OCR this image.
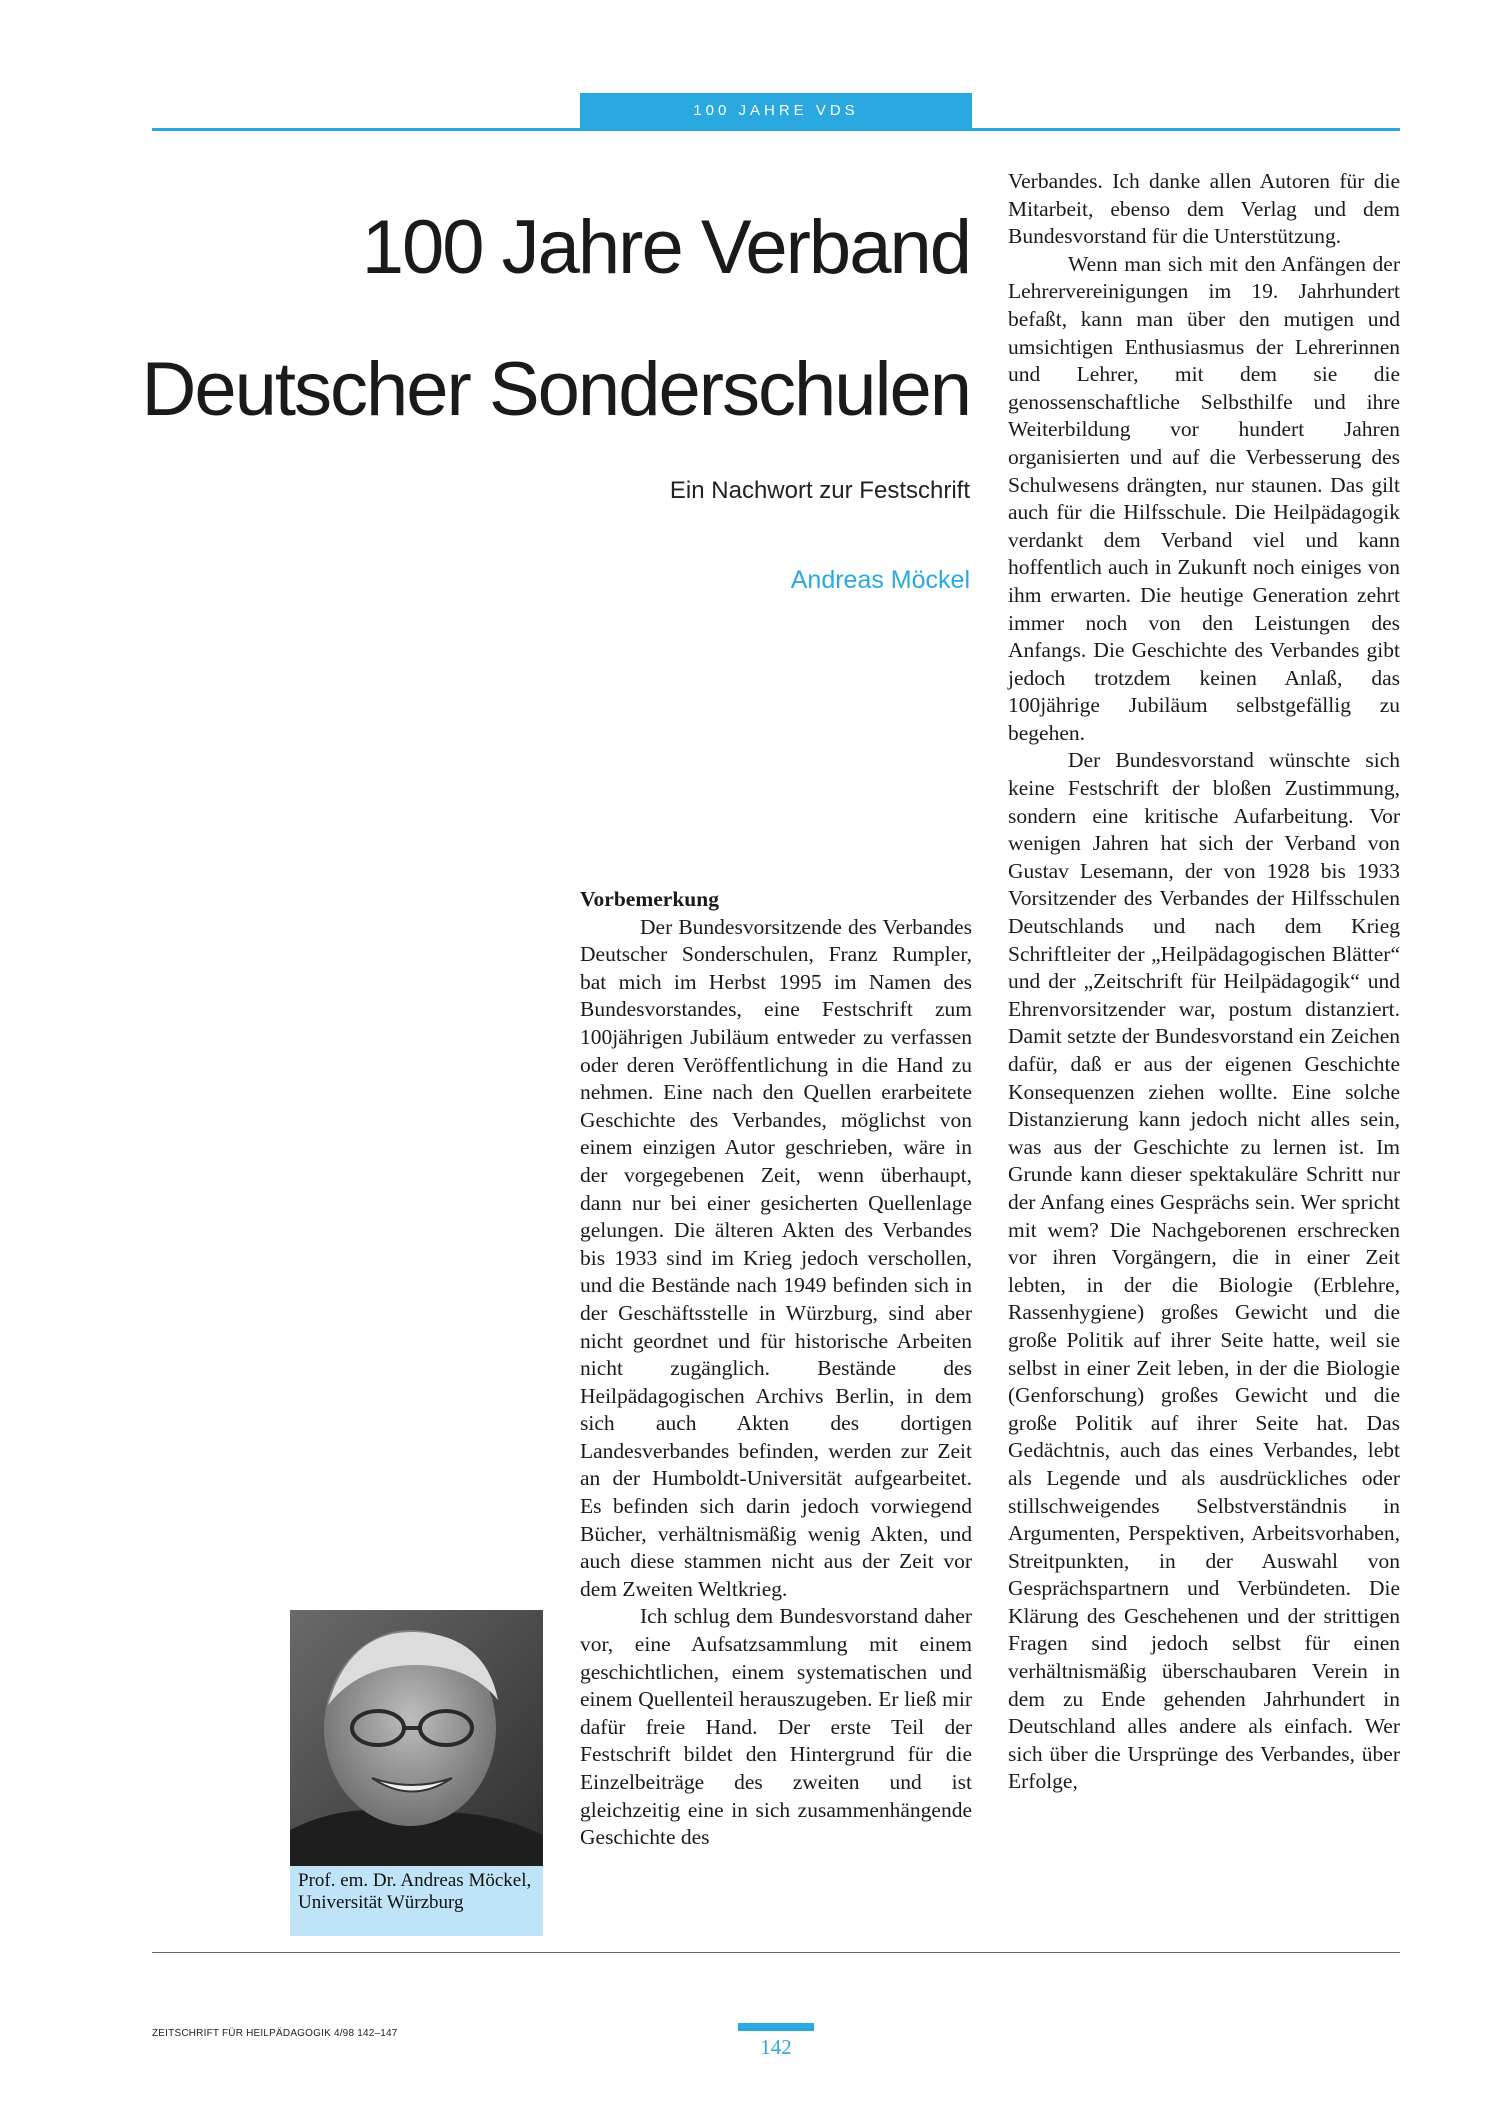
100 JAHRE VDS
100 Jahre Verband
Deutscher Sonderschulen
Ein Nachwort zur Festschrift
Andreas Möckel

Vorbemerkung

Der Bundesvorsitzende des Verbandes Deutscher Sonderschulen, Franz Rumpler, bat mich im Herbst 1995 im Namen des Bundesvorstandes, eine Festschrift zum 100jährigen Jubiläum entweder zu verfassen oder deren Veröffentlichung in die Hand zu nehmen. Eine nach den Quellen erarbeitete Geschichte des Verbandes, möglichst von einem einzigen Autor geschrieben, wäre in der vorgegebenen Zeit, wenn überhaupt, dann nur bei einer gesicherten Quellenlage gelungen. Die älteren Akten des Verbandes bis 1933 sind im Krieg jedoch verschollen, und die Bestände nach 1949 befinden sich in der Geschäftsstelle in Würzburg, sind aber nicht geordnet und für historische Arbeiten nicht zugänglich. Bestände des Heilpädagogischen Archivs Berlin, in dem sich auch Akten des dortigen Landesverbandes befinden, werden zur Zeit an der Humboldt-Universität aufgearbeitet. Es befinden sich darin jedoch vorwiegend Bücher, verhältnismäßig wenig Akten, und auch diese stammen nicht aus der Zeit vor dem Zweiten Weltkrieg.

Ich schlug dem Bundesvorstand daher vor, eine Aufsatzsammlung mit einem geschichtlichen, einem systematischen und einem Quellenteil herauszugeben. Er ließ mir dafür freie Hand. Der erste Teil der Festschrift bildet den Hintergrund für die Einzelbeiträge des zweiten und ist gleichzeitig eine in sich zusammenhängende Geschichte des

Verbandes. Ich danke allen Autoren für die Mitarbeit, ebenso dem Verlag und dem Bundesvorstand für die Unterstützung.

Wenn man sich mit den Anfängen der Lehrervereinigungen im 19. Jahrhundert befaßt, kann man über den mutigen und umsichtigen Enthusiasmus der Lehrerinnen und Lehrer, mit dem sie die genossenschaftliche Selbsthilfe und ihre Weiterbildung vor hundert Jahren organisierten und auf die Verbesserung des Schulwesens drängten, nur staunen. Das gilt auch für die Hilfsschule. Die Heilpädagogik verdankt dem Verband viel und kann hoffentlich auch in Zukunft noch einiges von ihm erwarten. Die heutige Generation zehrt immer noch von den Leistungen des Anfangs. Die Geschichte des Verbandes gibt jedoch trotzdem keinen Anlaß, das 100jährige Jubiläum selbstgefällig zu begehen.

Der Bundesvorstand wünschte sich keine Festschrift der bloßen Zustimmung, sondern eine kritische Aufarbeitung. Vor wenigen Jahren hat sich der Verband von Gustav Lesemann, der von 1928 bis 1933 Vorsitzender des Verbandes der Hilfsschulen Deutschlands und nach dem Krieg Schriftleiter der „Heilpädagogischen Blätter“ und der „Zeitschrift für Heilpädagogik“ und Ehrenvorsitzender war, postum distanziert. Damit setzte der Bundesvorstand ein Zeichen dafür, daß er aus der eigenen Geschichte Konsequenzen ziehen wollte. Eine solche Distanzierung kann jedoch nicht alles sein, was aus der Geschichte zu lernen ist. Im Grunde kann dieser spektakuläre Schritt nur der Anfang eines Gesprächs sein. Wer spricht mit wem? Die Nachgeborenen erschrecken vor ihren Vorgängern, die in einer Zeit lebten, in der die Biologie (Erblehre, Rassenhygiene) großes Gewicht und die große Politik auf ihrer Seite hatte, weil sie selbst in einer Zeit leben, in der die Biologie (Genforschung) großes Gewicht und die große Politik auf ihrer Seite hat. Das Gedächtnis, auch das eines Verbandes, lebt als Legende und als ausdrückliches oder stillschweigendes Selbstverständnis in Argumenten, Perspektiven, Arbeitsvorhaben, Streitpunkten, in der Auswahl von Gesprächspartnern und Verbündeten. Die Klärung des Geschehenen und der strittigen Fragen sind jedoch selbst für einen verhältnismäßig überschaubaren Verein in dem zu Ende gehenden Jahrhundert in Deutschland alles andere als einfach. Wer sich über die Ursprünge des Verbandes, über Erfolge,

Prof. em. Dr. Andreas Möckel, Universität Würzburg
ZEITSCHRIFT FÜR HEILPÄDAGOGIK 4/98 142–147
142
